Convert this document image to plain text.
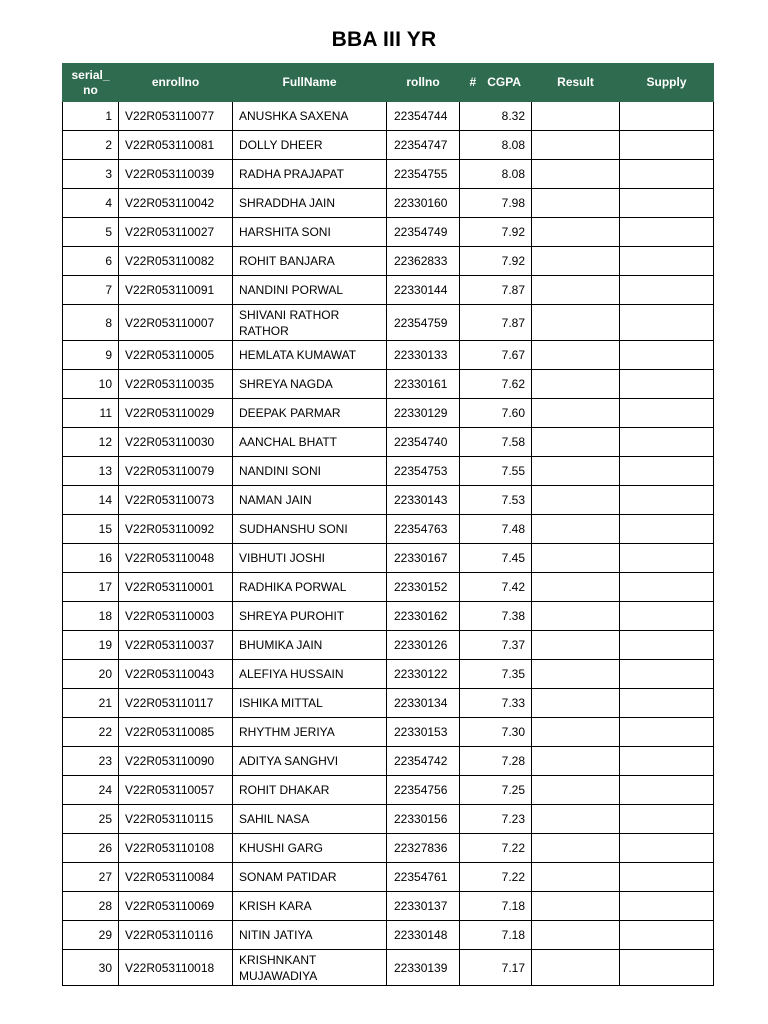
BBA III YR
serial_ no	enrollno	FullName	rollno	# CGPA	Result	Supply
1	V22R053110077	ANUSHKA SAXENA	22354744	8.32		
2	V22R053110081	DOLLY DHEER	22354747	8.08		
3	V22R053110039	RADHA PRAJAPAT	22354755	8.08		
4	V22R053110042	SHRADDHA JAIN	22330160	7.98		
5	V22R053110027	HARSHITA SONI	22354749	7.92		
6	V22R053110082	ROHIT BANJARA	22362833	7.92		
7	V22R053110091	NANDINI PORWAL	22330144	7.87		
8	V22R053110007	SHIVANI RATHOR RATHOR	22354759	7.87		
9	V22R053110005	HEMLATA KUMAWAT	22330133	7.67		
10	V22R053110035	SHREYA NAGDA	22330161	7.62		
11	V22R053110029	DEEPAK PARMAR	22330129	7.60		
12	V22R053110030	AANCHAL BHATT	22354740	7.58		
13	V22R053110079	NANDINI SONI	22354753	7.55		
14	V22R053110073	NAMAN JAIN	22330143	7.53		
15	V22R053110092	SUDHANSHU SONI	22354763	7.48		
16	V22R053110048	VIBHUTI JOSHI	22330167	7.45		
17	V22R053110001	RADHIKA PORWAL	22330152	7.42		
18	V22R053110003	SHREYA PUROHIT	22330162	7.38		
19	V22R053110037	BHUMIKA JAIN	22330126	7.37		
20	V22R053110043	ALEFIYA HUSSAIN	22330122	7.35		
21	V22R053110117	ISHIKA MITTAL	22330134	7.33		
22	V22R053110085	RHYTHM JERIYA	22330153	7.30		
23	V22R053110090	ADITYA SANGHVI	22354742	7.28		
24	V22R053110057	ROHIT DHAKAR	22354756	7.25		
25	V22R053110115	SAHIL NASA	22330156	7.23		
26	V22R053110108	KHUSHI GARG	22327836	7.22		
27	V22R053110084	SONAM PATIDAR	22354761	7.22		
28	V22R053110069	KRISH KARA	22330137	7.18		
29	V22R053110116	NITIN JATIYA	22330148	7.18		
30	V22R053110018	KRISHNKANT MUJAWADIYA	22330139	7.17		
